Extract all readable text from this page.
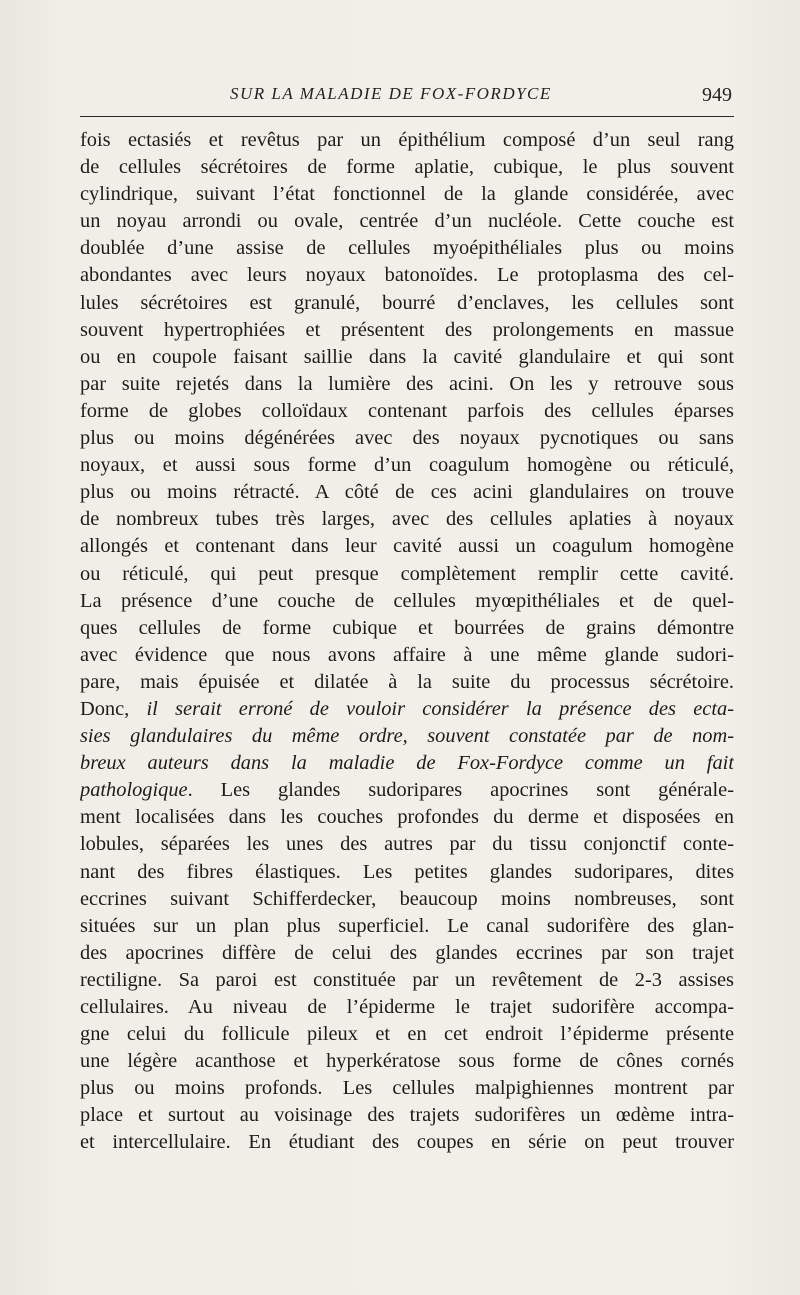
SUR LA MALADIE DE FOX-FORDYCE	949
fois ectasiés et revêtus par un épithélium composé d’un seul rang
de cellules sécrétoires de forme aplatie, cubique, le plus souvent
cylindrique, suivant l’état fonctionnel de la glande considérée, avec
un noyau arrondi ou ovale, centrée d’un nucléole. Cette couche est
doublée d’une assise de cellules myoépithéliales plus ou moins
abondantes avec leurs noyaux batonoïdes. Le protoplasma des cel-
lules sécrétoires est granulé, bourré d’enclaves, les cellules sont
souvent hypertrophiées et présentent des prolongements en massue
ou en coupole faisant saillie dans la cavité glandulaire et qui sont
par suite rejetés dans la lumière des acini. On les y retrouve sous
forme de globes colloïdaux contenant parfois des cellules éparses
plus ou moins dégénérées avec des noyaux pycnotiques ou sans
noyaux, et aussi sous forme d’un coagulum homogène ou réticulé,
plus ou moins rétracté. A côté de ces acini glandulaires on trouve
de nombreux tubes très larges, avec des cellules aplaties à noyaux
allongés et contenant dans leur cavité aussi un coagulum homogène
ou réticulé, qui peut presque complètement remplir cette cavité.
La présence d’une couche de cellules myœpithéliales et de quel-
ques cellules de forme cubique et bourrées de grains démontre
avec évidence que nous avons affaire à une même glande sudori-
pare, mais épuisée et dilatée à la suite du processus sécrétoire.
Donc, il serait erroné de vouloir considérer la présence des ecta-
sies glandulaires du même ordre, souvent constatée par de nom-
breux auteurs dans la maladie de Fox-Fordyce comme un fait
pathologique. Les glandes sudoripares apocrines sont générale-
ment localisées dans les couches profondes du derme et disposées en
lobules, séparées les unes des autres par du tissu conjonctif conte-
nant des fibres élastiques. Les petites glandes sudoripares, dites
eccrines suivant Schifferdecker, beaucoup moins nombreuses, sont
situées sur un plan plus superficiel. Le canal sudorifère des glan-
des apocrines diffère de celui des glandes eccrines par son trajet
rectiligne. Sa paroi est constituée par un revêtement de 2-3 assises
cellulaires. Au niveau de l’épiderme le trajet sudorifère accompa-
gne celui du follicule pileux et en cet endroit l’épiderme présente
une légère acanthose et hyperkératose sous forme de cônes cornés
plus ou moins profonds. Les cellules malpighiennes montrent par
place et surtout au voisinage des trajets sudorifères un œdème intra-
et intercellulaire. En étudiant des coupes en série on peut trouver
